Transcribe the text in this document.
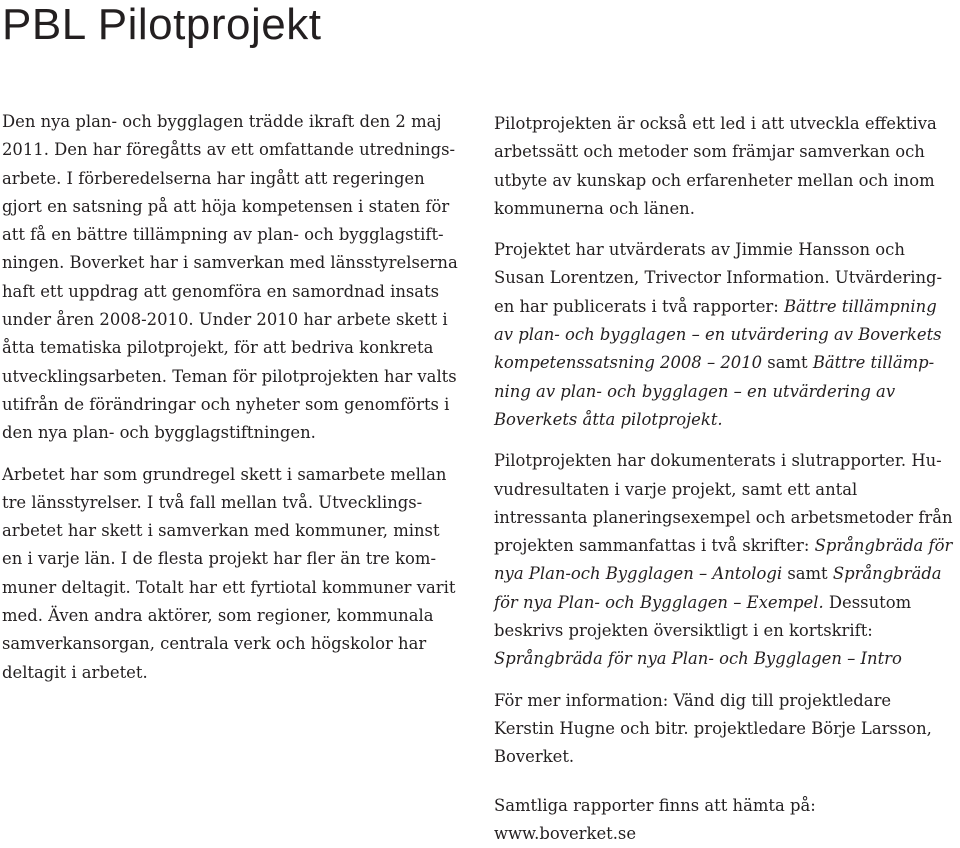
PBL Pilotprojekt

Den nya plan- och bygglagen trädde ikraft den 2 maj 2011. Den har föregåtts av ett omfattande utrednings-arbete. I förberedelserna har ingått att regeringen gjort en satsning på att höja kompetensen i staten för att få en bättre tillämpning av plan- och bygglagstift-ningen. Boverket har i samverkan med länsstyrelserna haft ett uppdrag att genomföra en samordnad insats under åren 2008-2010. Under 2010 har arbete skett i åtta tematiska pilotprojekt, för att bedriva konkreta utvecklingsarbeten. Teman för pilotprojekten har valts utifrån de förändringar och nyheter som genomförts i den nya plan- och bygglagstiftningen.

Arbetet har som grundregel skett i samarbete mellan tre länsstyrelser. I två fall mellan två. Utvecklings-arbetet har skett i samverkan med kommuner, minst en i varje län. I de flesta projekt har fler än tre kom-muner deltagit. Totalt har ett fyrtiotal kommuner varit med. Även andra aktörer, som regioner, kommunala samverkansorgan, centrala verk och högskolor har deltagit i arbetet.

Pilotprojekten är också ett led i att utveckla effektiva arbetssätt och metoder som främjar samverkan och utbyte av kunskap och erfarenheter mellan och inom kommunerna och länen.

Projektet har utvärderats av Jimmie Hansson och Susan Lorentzen, Trivector Information. Utvärdering-en har publicerats i två rapporter: Bättre tillämpning av plan- och bygglagen – en utvärdering av Boverkets kompetenssatsning 2008 – 2010 samt Bättre tillämp-ning av plan- och bygglagen – en utvärdering av Boverkets åtta pilotprojekt.

Pilotprojekten har dokumenterats i slutrapporter. Hu-vudresultaten i varje projekt, samt ett antal intressanta planeringsexempel och arbetsmetoder från projekten sammanfattas i två skrifter: Språngbräda för nya Plan-och Bygglagen – Antologi samt Språngbräda för nya Plan- och Bygglagen – Exempel. Dessutom beskrivs projekten översiktligt i en kortskrift: Språngbräda för nya Plan- och Bygglagen – Intro

För mer information: Vänd dig till projektledare Kerstin Hugne och bitr. projektledare Börje Larsson, Boverket.

Samtliga rapporter finns att hämta på:
www.boverket.se
